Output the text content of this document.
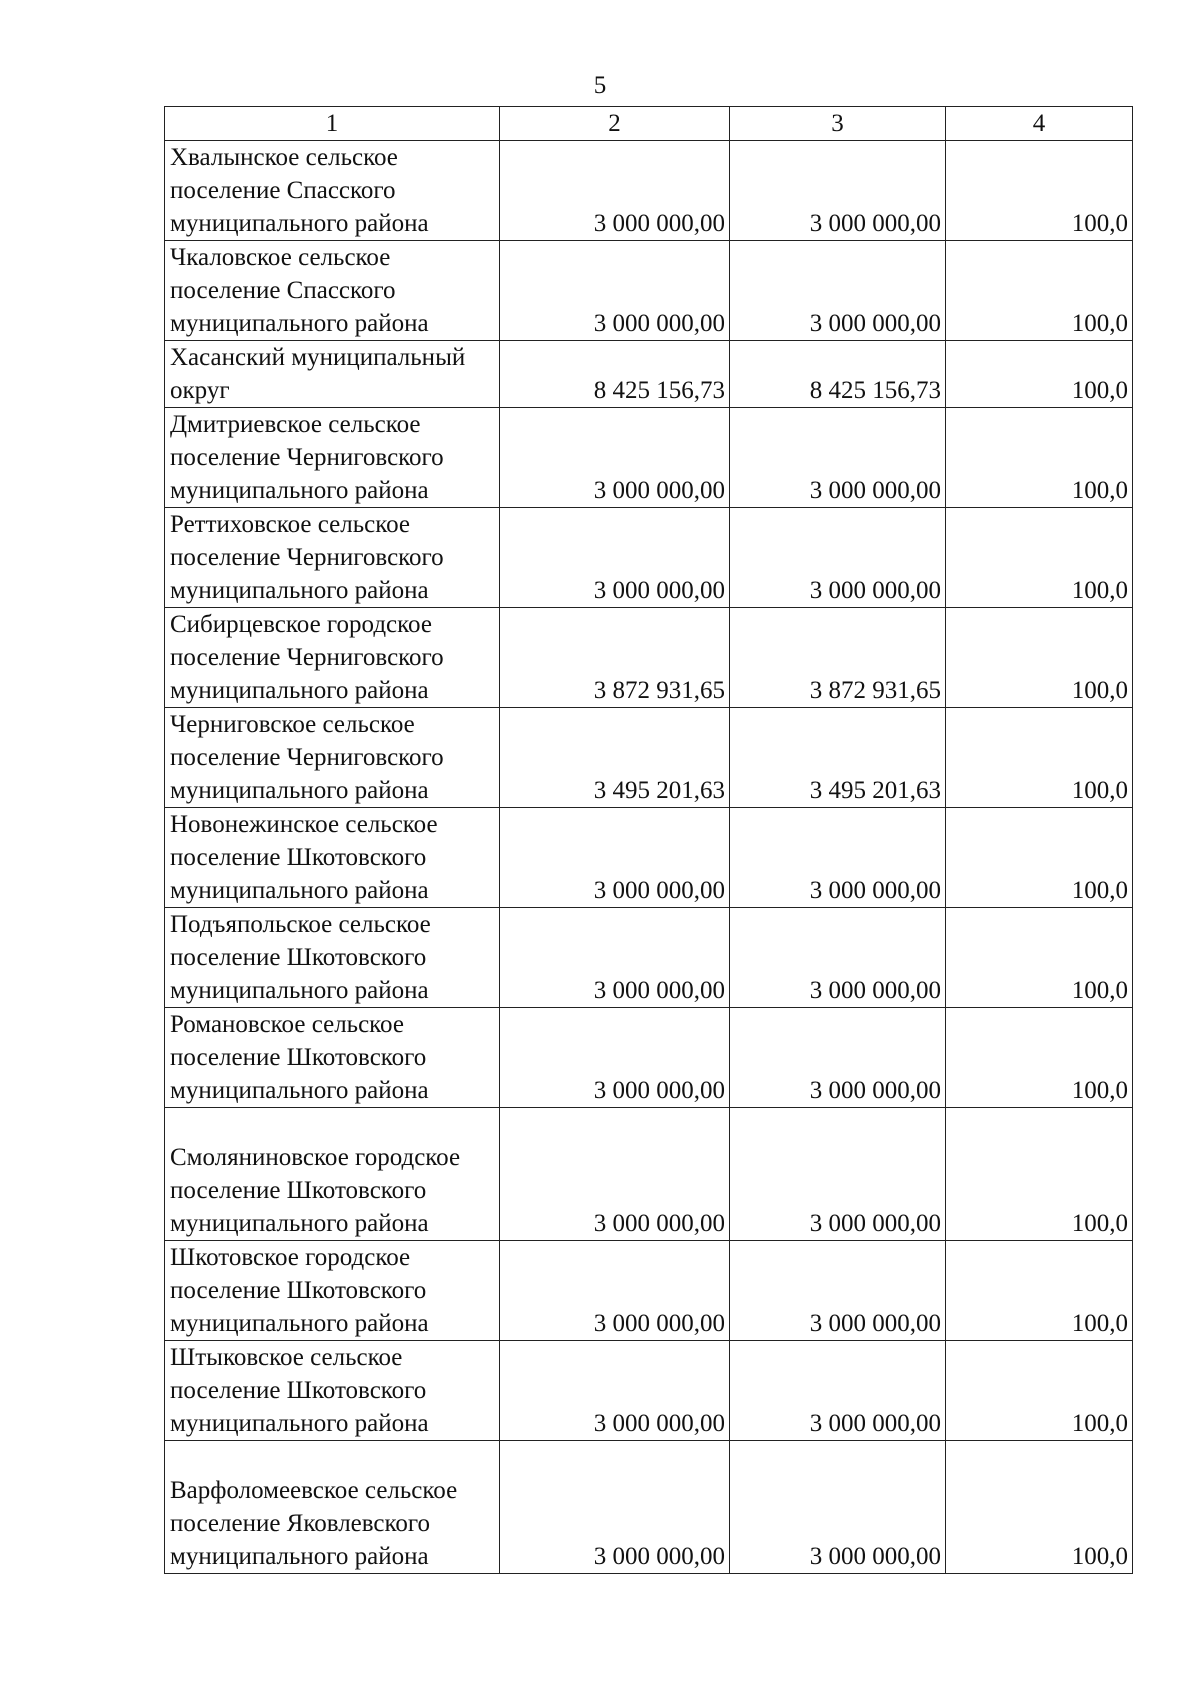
5
1	2	3	4
Хвалынское сельское поселение Спасского муниципального района	3 000 000,00	3 000 000,00	100,0
Чкаловское сельское поселение Спасского муниципального района	3 000 000,00	3 000 000,00	100,0
Хасанский муниципальный округ	8 425 156,73	8 425 156,73	100,0
Дмитриевское сельское поселение Черниговского муниципального района	3 000 000,00	3 000 000,00	100,0
Реттиховское сельское поселение Черниговского муниципального района	3 000 000,00	3 000 000,00	100,0
Сибирцевское городское поселение Черниговского муниципального района	3 872 931,65	3 872 931,65	100,0
Черниговское сельское поселение Черниговского муниципального района	3 495 201,63	3 495 201,63	100,0
Новонежинское сельское поселение Шкотовского муниципального района	3 000 000,00	3 000 000,00	100,0
Подъяпольское сельское поселение Шкотовского муниципального района	3 000 000,00	3 000 000,00	100,0
Романовское сельское поселение Шкотовского муниципального района	3 000 000,00	3 000 000,00	100,0
Смоляниновское городское поселение Шкотовского муниципального района	3 000 000,00	3 000 000,00	100,0
Шкотовское городское поселение Шкотовского муниципального района	3 000 000,00	3 000 000,00	100,0
Штыковское сельское поселение Шкотовского муниципального района	3 000 000,00	3 000 000,00	100,0
Варфоломеевское сельское поселение Яковлевского муниципального района	3 000 000,00	3 000 000,00	100,0
